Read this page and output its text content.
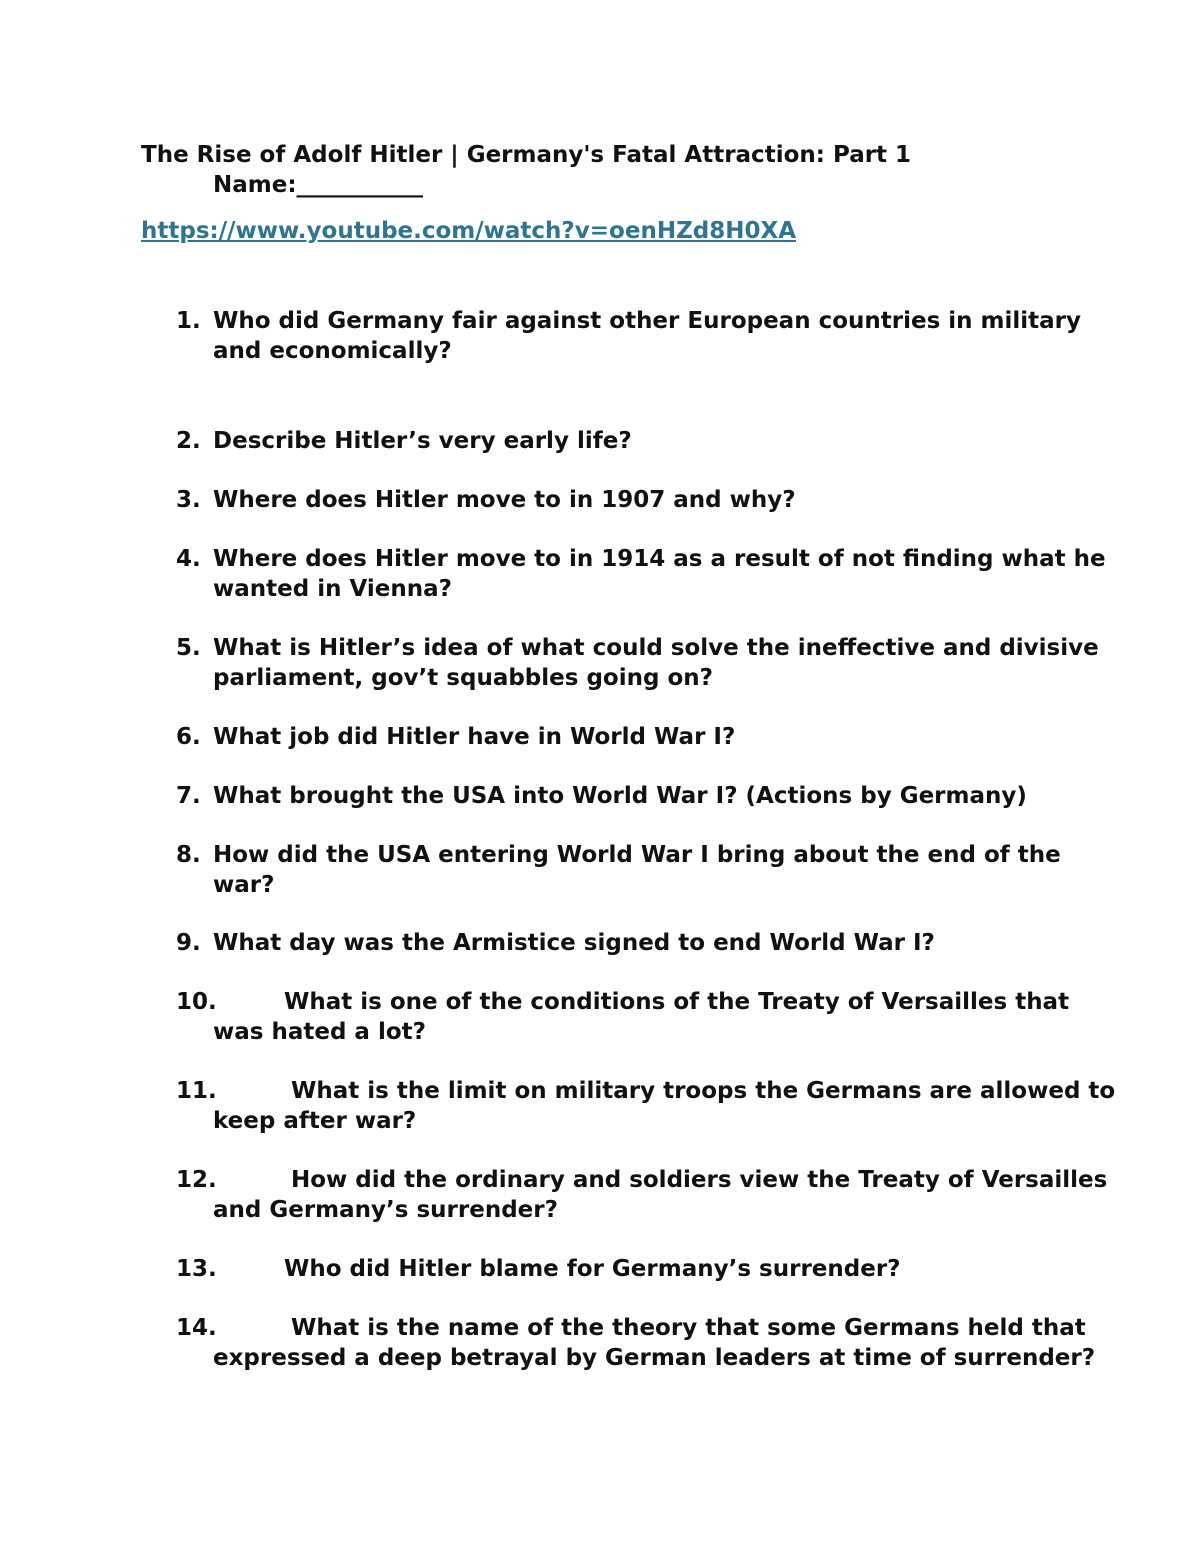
The Rise of Adolf Hitler | Germany's Fatal Attraction: Part 1
Name:___________
https://www.youtube.com/watch?v=oenHZd8H0XA
1. Who did Germany fair against other European countries in military and economically?
2. Describe Hitler’s very early life?
3. Where does Hitler move to in 1907 and why?
4. Where does Hitler move to in 1914 as a result of not finding what he wanted in Vienna?
5. What is Hitler’s idea of what could solve the ineffective and divisive parliament, gov’t squabbles going on?
6. What job did Hitler have in World War I?
7. What brought the USA into World War I? (Actions by Germany)
8. How did the USA entering World War I bring about the end of the war?
9. What day was the Armistice signed to end World War I?
10.	What is one of the conditions of the Treaty of Versailles that was hated a lot?
11.	What is the limit on military troops the Germans are allowed to keep after war?
12.	How did the ordinary and soldiers view the Treaty of Versailles and Germany’s surrender?
13.	Who did Hitler blame for Germany’s surrender?
14.	What is the name of the theory that some Germans held that expressed a deep betrayal by German leaders at time of surrender?
